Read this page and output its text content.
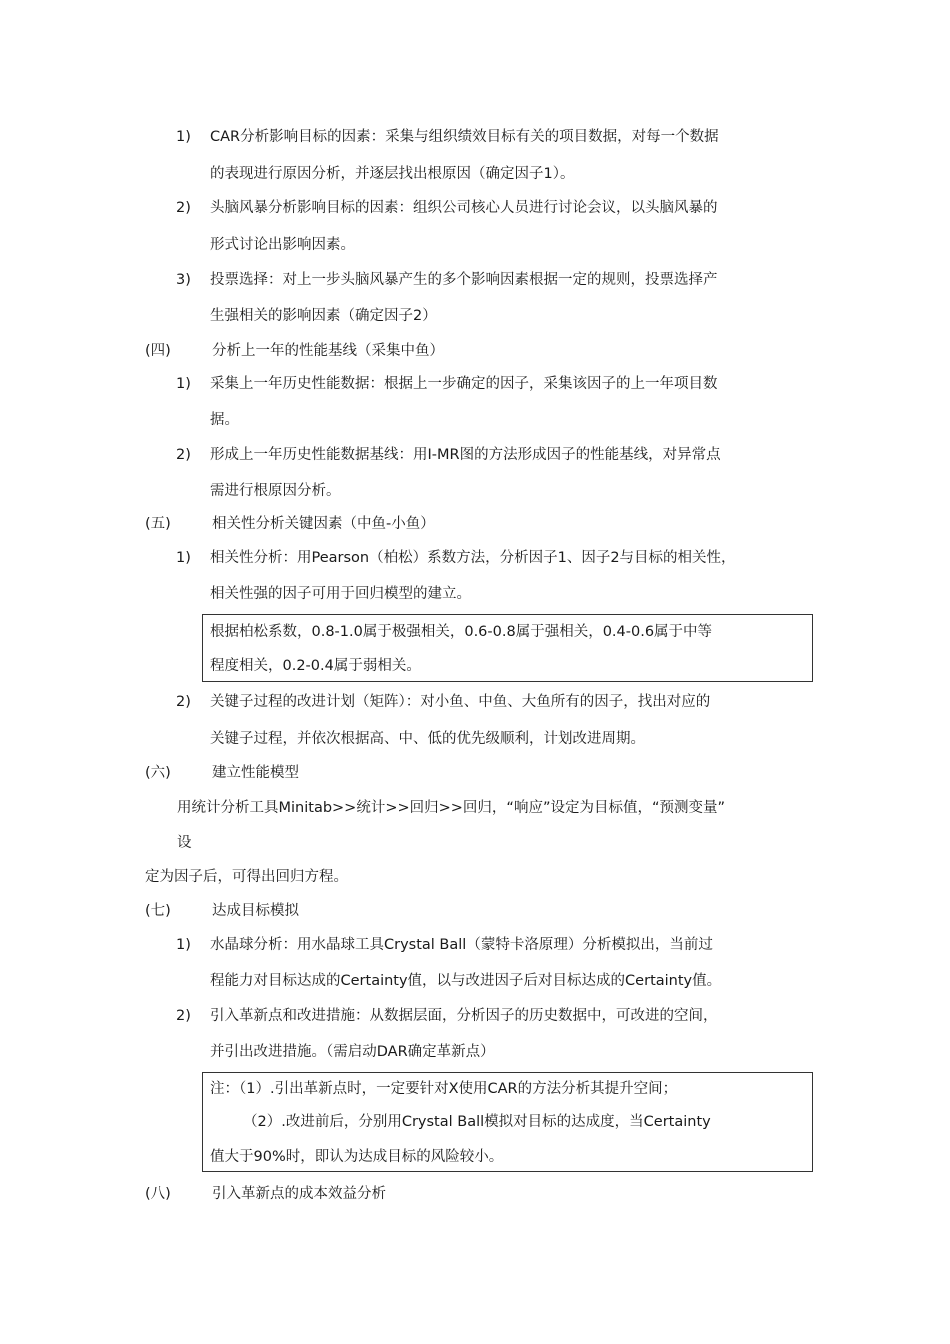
1) CAR分析影响目标的因素：采集与组织绩效目标有关的项目数据，对每一个数据
的表现进行原因分析，并逐层找出根原因（确定因子1）。
2) 头脑风暴分析影响目标的因素：组织公司核心人员进行讨论会议，以头脑风暴的
形式讨论出影响因素。
3) 投票选择：对上一步头脑风暴产生的多个影响因素根据一定的规则，投票选择产
生强相关的影响因素（确定因子2）
(四)	分析上一年的性能基线（采集中鱼）
1) 采集上一年历史性能数据：根据上一步确定的因子，采集该因子的上一年项目数
据。
2) 形成上一年历史性能数据基线：用I-MR图的方法形成因子的性能基线，对异常点
需进行根原因分析。
(五)	相关性分析关键因素（中鱼-小鱼）
1) 相关性分析：用Pearson（柏松）系数方法，分析因子1、因子2与目标的相关性，
相关性强的因子可用于回归模型的建立。
根据柏松系数，0.8-1.0属于极强相关，0.6-0.8属于强相关，0.4-0.6属于中等
程度相关，0.2-0.4属于弱相关。
2) 关键子过程的改进计划（矩阵）：对小鱼、中鱼、大鱼所有的因子，找出对应的
关键子过程，并依次根据高、中、低的优先级顺利，计划改进周期。
(六)	建立性能模型
用统计分析工具Minitab>>统计>>回归>>回归，“响应”设定为目标值，“预测变量”
设
定为因子后，可得出回归方程。
(七)	达成目标模拟
1) 水晶球分析：用水晶球工具Crystal Ball（蒙特卡洛原理）分析模拟出，当前过
程能力对目标达成的Certainty值，以与改进因子后对目标达成的Certainty值。
2) 引入革新点和改进措施：从数据层面，分析因子的历史数据中，可改进的空间，
并引出改进措施。（需启动DAR确定革新点）
注：（1）.引出革新点时，一定要针对X使用CAR的方法分析其提升空间；
（2）.改进前后，分别用Crystal Ball模拟对目标的达成度，当Certainty
值大于90%时，即认为达成目标的风险较小。
(八)	引入革新点的成本效益分析
